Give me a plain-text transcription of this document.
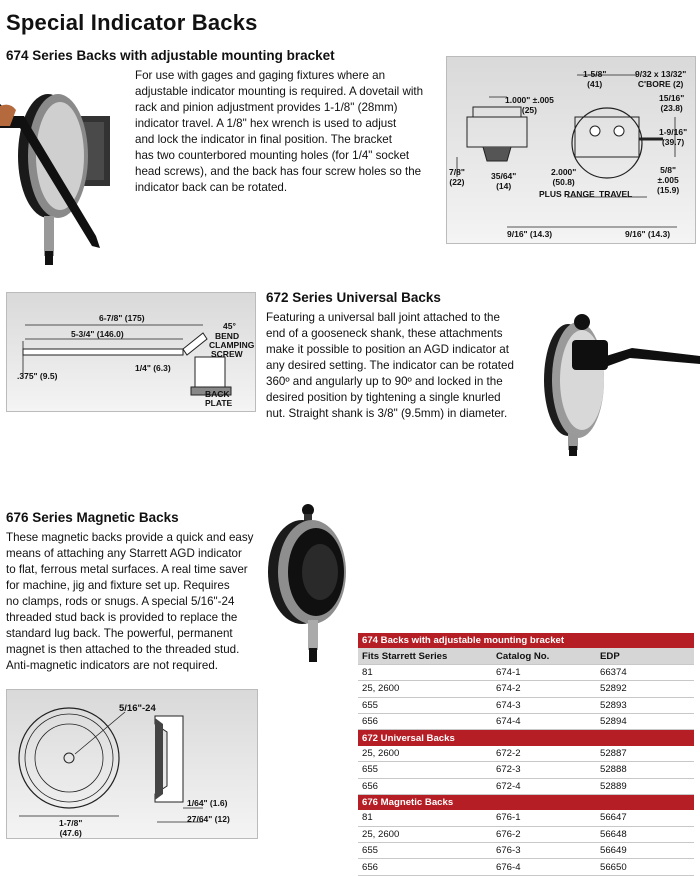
Special Indicator Backs
674 Series Backs with adjustable mounting bracket
For use with gages and gaging fixtures where an
adjustable indicator mounting is required. A dovetail with
rack and pinion adjustment provides 1-1/8" (28mm)
indicator travel. A 1/8" hex wrench is used to adjust
and lock the indicator in final position. The bracket
has two counterbored mounting holes (for 1/4" socket
head screws), and the back has four screw holes so the
indicator back can be rotated.
1-5/8"
(41)
9/32 x 13/32"
C'BORE (2)
15/16"
(23.8)
1.000" ±.005
(25)
1-9/16"
(39.7)
7/8"
(22)
35/64"
(14)
2.000"
(50.8)
PLUS RANGE TRAVEL
5/8"
±.005
(15.9)
9/16" (14.3)	9/16" (14.3)
6-7/8" (175)
5-3/4" (146.0)
45°
BEND
CLAMPING
SCREW
1/4" (6.3)
.375" (9.5)
BACK
PLATE
672 Series Universal Backs
Featuring a universal ball joint attached to the
end of a gooseneck shank, these attachments
make it possible to position an AGD indicator at
any desired setting. The indicator can be rotated
360º and angularly up to 90º and locked in the
desired position by tightening a single knurled
nut. Straight shank is 3/8" (9.5mm) in diameter.
676 Series Magnetic Backs
These magnetic backs provide a quick and easy
means of attaching any Starrett AGD indicator
to flat, ferrous metal surfaces. A real time saver
for machine, jig and fixture set up. Requires
no clamps, rods or snugs. A special 5/16"-24
threaded stud back is provided to replace the
standard lug back. The powerful, permanent
magnet is then attached to the threaded stud.
Anti-magnetic indicators are not required.
5/16"-24
1-7/8"
(47.6)
1/64" (1.6)
27/64" (12)
674 Backs with adjustable mounting bracket		
Fits Starrett Series	Catalog No.	EDP
81	674-1	66374
25, 2600	674-2	52892
655	674-3	52893
656	674-4	52894
672 Universal Backs		
25, 2600	672-2	52887
655	672-3	52888
656	672-4	52889
676 Magnetic Backs		
81	676-1	56647
25, 2600	676-2	56648
655	676-3	56649
656	676-4	56650
